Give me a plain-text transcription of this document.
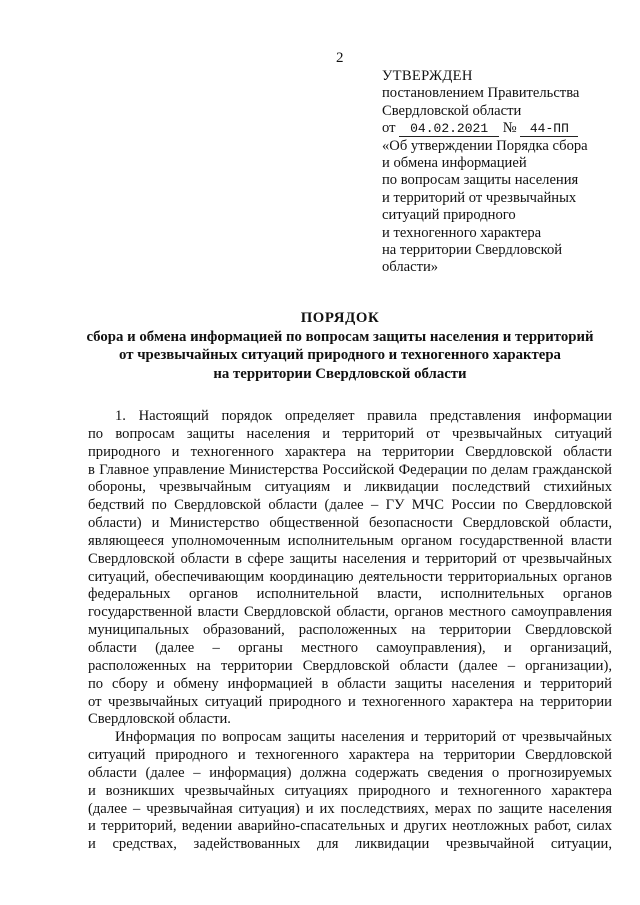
2
УТВЕРЖДЕН
постановлением Правительства
Свердловской области
от 04.02.2021 № 44-ПП
«Об утверждении Порядка сбора
и обмена информацией
по вопросам защиты населения
и территорий от чрезвычайных
ситуаций природного
и техногенного характера
на территории Свердловской
области»
ПОРЯДОК
сбора и обмена информацией по вопросам защиты населения и территорий
от чрезвычайных ситуаций природного и техногенного характера
на территории Свердловской области
1. Настоящий порядок определяет правила представления информации
по вопросам защиты населения и территорий от чрезвычайных ситуаций
природного и техногенного характера на территории Свердловской области
в Главное управление Министерства Российской Федерации по делам гражданской
обороны, чрезвычайным ситуациям и ликвидации последствий стихийных
бедствий по Свердловской области (далее – ГУ МЧС России по Свердловской
области) и Министерство общественной безопасности Свердловской области,
являющееся уполномоченным исполнительным органом государственной власти
Свердловской области в сфере защиты населения и территорий от чрезвычайных
ситуаций, обеспечивающим координацию деятельности территориальных органов
федеральных органов исполнительной власти, исполнительных органов
государственной власти Свердловской области, органов местного самоуправления
муниципальных образований, расположенных на территории Свердловской
области (далее – органы местного самоуправления), и организаций,
расположенных на территории Свердловской области (далее – организации),
по сбору и обмену информацией в области защиты населения и территорий
от чрезвычайных ситуаций природного и техногенного характера на территории
Свердловской области.
Информация по вопросам защиты населения и территорий от чрезвычайных
ситуаций природного и техногенного характера на территории Свердловской
области (далее – информация) должна содержать сведения о прогнозируемых
и возникших чрезвычайных ситуациях природного и техногенного характера
(далее – чрезвычайная ситуация) и их последствиях, мерах по защите населения
и территорий, ведении аварийно-спасательных и других неотложных работ, силах
и средствах, задействованных для ликвидации чрезвычайной ситуации,
